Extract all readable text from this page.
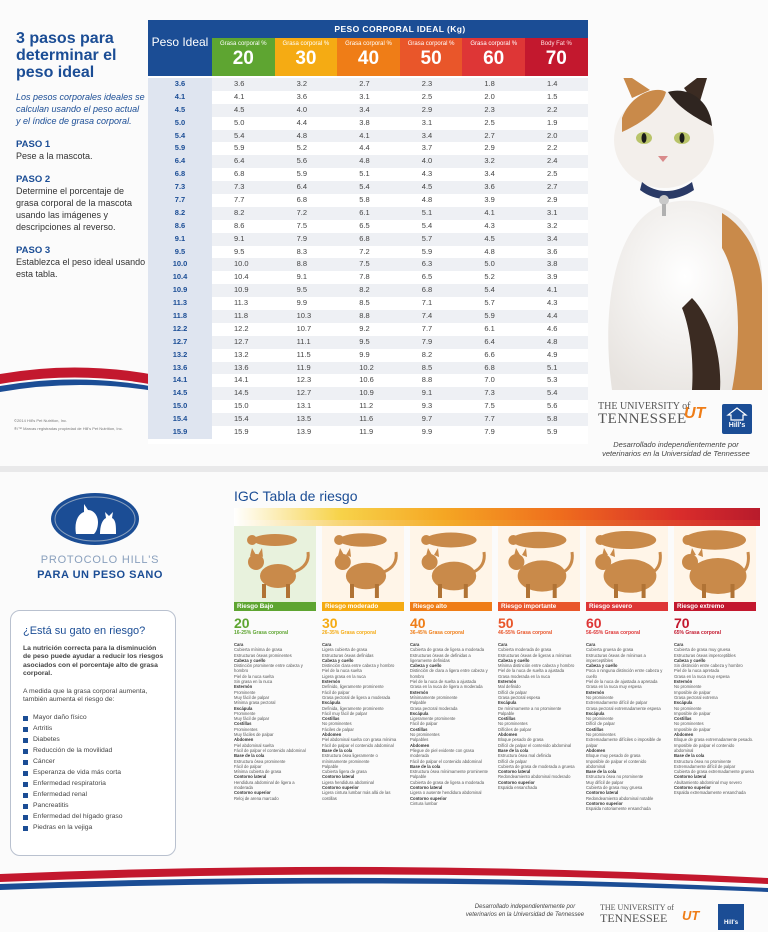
3 pasos para determinar el peso ideal

Los pesos corporales ideales se calculan usando el peso actual y el índice de grasa corporal.

PASO 1

Pese a la mascota.

PASO 2

Determine el porcentaje de grasa corporal de la mascota usando las imágenes y descripciones al reverso.

PASO 3

Establezca el peso ideal usando esta tabla.

©2014 Hill's Pet Nutrition, Inc.

®/™ Marcas registradas propiedad de Hill's Pet Nutrition, Inc.

Peso Ideal
PESO CORPORAL IDEAL (Kg)
Grasa corporal %
20
Grasa corporal %
30
Grasa corporal %
40
Grasa corporal %
50
Grasa corporal %
60
Body Fat %
70
3.6	3.6	3.2	2.7	2.3	1.8	1.4
4.1	4.1	3.6	3.1	2.5	2.0	1.5
4.5	4.5	4.0	3.4	2.9	2.3	2.2
5.0	5.0	4.4	3.8	3.1	2.5	1.9
5.4	5.4	4.8	4.1	3.4	2.7	2.0
5.9	5.9	5.2	4.4	3.7	2.9	2.2
6.4	6.4	5.6	4.8	4.0	3.2	2.4
6.8	6.8	5.9	5.1	4.3	3.4	2.5
7.3	7.3	6.4	5.4	4.5	3.6	2.7
7.7	7.7	6.8	5.8	4.8	3.9	2.9
8.2	8.2	7.2	6.1	5.1	4.1	3.1
8.6	8.6	7.5	6.5	5.4	4.3	3.2
9.1	9.1	7.9	6.8	5.7	4.5	3.4
9.5	9.5	8.3	7.2	5.9	4.8	3.6
10.0	10.0	8.8	7.5	6.3	5.0	3.8
10.4	10.4	9.1	7.8	6.5	5.2	3.9
10.9	10.9	9.5	8.2	6.8	5.4	4.1
11.3	11.3	9.9	8.5	7.1	5.7	4.3
11.8	11.8	10.3	8.8	7.4	5.9	4.4
12.2	12.2	10.7	9.2	7.7	6.1	4.6
12.7	12.7	11.1	9.5	7.9	6.4	4.8
13.2	13.2	11.5	9.9	8.2	6.6	4.9
13.6	13.6	11.9	10.2	8.5	6.8	5.1
14.1	14.1	12.3	10.6	8.8	7.0	5.3
14.5	14.5	12.7	10.9	9.1	7.3	5.4
15.0	15.0	13.1	11.2	9.3	7.5	5.6
15.4	15.4	13.5	11.6	9.7	7.7	5.8
15.9	15.9	13.9	11.9	9.9	7.9	5.9
THE UNIVERSITY of
TENNESSEE
UT
Hill's

Desarrollado independientemente por veterinarios en la Universidad de Tennessee

PROTOCOLO HILL'S
PARA UN PESO SANO
¿Está su gato en riesgo?

La nutrición correcta para la disminución de peso puede ayudar a reducir los riesgos asociados con el porcentaje alto de grasa corporal.

A medida que la grasa corporal aumenta, también aumenta el riesgo de:

Mayor daño físico
Artritis
Diabetes
Reducción de la movilidad
Cáncer
Esperanza de vida más corta
Enfermedad respiratoria
Enfermedad renal
Pancreatitis
Enfermedad del hígado graso
Piedras en la vejiga
IGC Tabla de riesgo
Riesgo Bajo
20
16-25% Grasa corporal
Cara
Cubierta mínima de grasa
Estructuras óseas prominentes
Cabeza y cuello
Distinción prominente entre cabeza y hombro
Piel de la nuca suelta
Sin grasa en la nuca
Esternón
Prominente
Muy fácil de palpar
Mínima grasa pectoral
Escápula
Prominente
Muy fácil de palpar
Costillas
Prominentes
Muy fáciles de palpar
Abdomen
Piel abdominal suelta
Fácil de palpar el contenido abdominal
Base de la cola
Estructura ósea prominente
Fácil de palpar
Mínima cubierta de grasa
Contorno lateral
Hendidura abdominal de ligera a moderada
Contorno superior
Reloj de arena marcado
Riesgo moderado
30
26-35% Grasa corporal
Cara
Ligera cubierta de grasa
Estructuras óseas definidas
Cabeza y cuello
Distinción clara entre cabeza y hombro
Piel de la nuca suelta
Ligera grasa en la nuca
Esternón
Definido, ligeramente prominente
Fácil de palpar
Grasa pectoral de ligera a moderada
Escápula
Definida, ligeramente prominente
Fácil muy fácil de palpar
Costillas
No prominentes
Fáciles de palpar
Abdomen
Piel abdominal suelta con grasa mínima
Fácil de palpar el contenido abdominal
Base de la cola
Estructura ósea ligeramente o mínimamente prominente
Palpable
Cubierta ligera de grasa
Contorno lateral
Ligera hendidura abdominal
Contorno superior
Ligera cintura lumbar más allá de las costillas
Riesgo alto
40
36-45% Grasa corporal
Cara
Cubierta de grasa de ligera a moderada
Estructuras óseas de definidas a ligeramente definidas
Cabeza y cuello
Distinción de clara a ligera entre cabeza y hombro
Piel de la nuca de suelta a ajustada
Grasa en la nuca de ligera a moderada
Esternón
Mínimamente prominente
Palpable
Grasa pectoral moderada
Escápula
Ligeramente prominente
Fácil de palpar
Costillas
No prominentes
Palpables
Abdomen
Pliegue de piel evidente con grasa moderada
Fácil de palpar el contenido abdominal
Base de la cola
Estructura ósea mínimamente prominente
Palpable
Cubierta de grasa de ligera a moderada
Contorno lateral
Ligera o ausente hendidura abdominal
Contorno superior
Cintura lumbar
Riesgo importante
50
46-55% Grasa corporal
Cara
Cubierta moderada de grasa
Estructuras óseas de ligeras a mínimas
Cabeza y cuello
Mínima distinción entre cabeza y hombro
Piel de la nuca de suelta a ajustada
Grasa moderada en la nuca
Esternón
Mal definido
Difícil de palpar
Grasa pectoral espesa
Escápula
De mínimamente a no prominente
Palpable
Costillas
No prominentes
Difíciles de palpar
Abdomen
Bloque pesado de grasa
Difícil de palpar el contenido abdominal
Base de la cola
Estructura ósea mal definida
Difícil de palpar
Cubierta de grasa de moderada a gruesa
Contorno lateral
Redondeamiento abdominal moderado
Contorno superior
Espalda ensanchada
Riesgo severo
60
56-65% Grasa corporal
Cara
Cubierta gruesa de grasa
Estructuras óseas de mínimas a imperceptibles
Cabeza y cuello
Poca o ninguna distinción entre cabeza y cuello
Piel de la nuca de ajustada a apretada
Grasa en la nuca muy espesa
Esternón
No prominente
Extremadamente difícil de palpar
Grasa pectoral extremadamente espesa
Escápula
No prominente
Difícil de palpar
Costillas
No prominentes
Extremadamente difíciles o imposible de palpar
Abdomen
Bloque muy pesado de grasa
Imposible de palpar el contenido abdominal
Base de la cola
Estructura ósea no prominente
Muy difícil de palpar
Cubierta de grasa muy gruesa
Contorno lateral
Redondeamiento abdominal notable
Contorno superior
Espalda notoriamente ensanchada
Riesgo extremo
70
65% Grasa corporal
Cara
Cubierta de grasa muy gruesa
Estructuras óseas imperceptibles
Cabeza y cuello
Sin distinción entre cabeza y hombro
Piel de la nuca apretada
Grasa en la nuca muy espesa
Esternón
No prominente
Imposible de palpar
Grasa pectoral extrema
Escápula
No prominente
Imposible de palpar
Costillas
No prominentes
Imposible de palpar
Abdomen
Bloque de grasa extremadamente pesado. Imposible de palpar el contenido abdominal
Base de la cola
Estructura ósea no prominente
Extremadamente difícil de palpar
Cubierta de grasa extremadamente gruesa
Contorno lateral
Abultamiento abdominal muy severo
Contorno superior
Espalda extremadamente ensanchada

Desarrollado independientemente por veterinarios en la Universidad de Tennessee

THE UNIVERSITY of
TENNESSEE	UT	Hill's
